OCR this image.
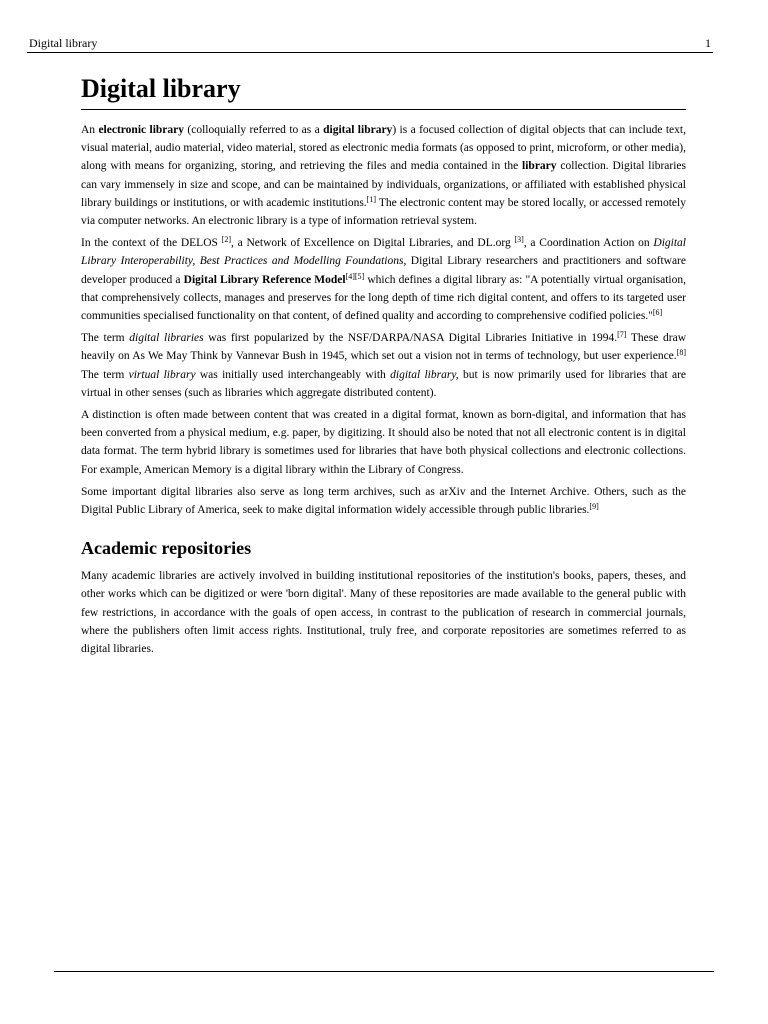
Digital library	1
Digital library

An electronic library (colloquially referred to as a digital library) is a focused collection of digital objects that can include text, visual material, audio material, video material, stored as electronic media formats (as opposed to print, microform, or other media), along with means for organizing, storing, and retrieving the files and media contained in the library collection. Digital libraries can vary immensely in size and scope, and can be maintained by individuals, organizations, or affiliated with established physical library buildings or institutions, or with academic institutions.[1] The electronic content may be stored locally, or accessed remotely via computer networks. An electronic library is a type of information retrieval system.

In the context of the DELOS [2], a Network of Excellence on Digital Libraries, and DL.org [3], a Coordination Action on Digital Library Interoperability, Best Practices and Modelling Foundations, Digital Library researchers and practitioners and software developer produced a Digital Library Reference Model[4][5] which defines a digital library as: "A potentially virtual organisation, that comprehensively collects, manages and preserves for the long depth of time rich digital content, and offers to its targeted user communities specialised functionality on that content, of defined quality and according to comprehensive codified policies."[6]

The term digital libraries was first popularized by the NSF/DARPA/NASA Digital Libraries Initiative in 1994.[7] These draw heavily on As We May Think by Vannevar Bush in 1945, which set out a vision not in terms of technology, but user experience.[8] The term virtual library was initially used interchangeably with digital library, but is now primarily used for libraries that are virtual in other senses (such as libraries which aggregate distributed content).

A distinction is often made between content that was created in a digital format, known as born-digital, and information that has been converted from a physical medium, e.g. paper, by digitizing. It should also be noted that not all electronic content is in digital data format. The term hybrid library is sometimes used for libraries that have both physical collections and electronic collections. For example, American Memory is a digital library within the Library of Congress.

Some important digital libraries also serve as long term archives, such as arXiv and the Internet Archive. Others, such as the Digital Public Library of America, seek to make digital information widely accessible through public libraries.[9]

Academic repositories

Many academic libraries are actively involved in building institutional repositories of the institution's books, papers, theses, and other works which can be digitized or were 'born digital'. Many of these repositories are made available to the general public with few restrictions, in accordance with the goals of open access, in contrast to the publication of research in commercial journals, where the publishers often limit access rights. Institutional, truly free, and corporate repositories are sometimes referred to as digital libraries.
